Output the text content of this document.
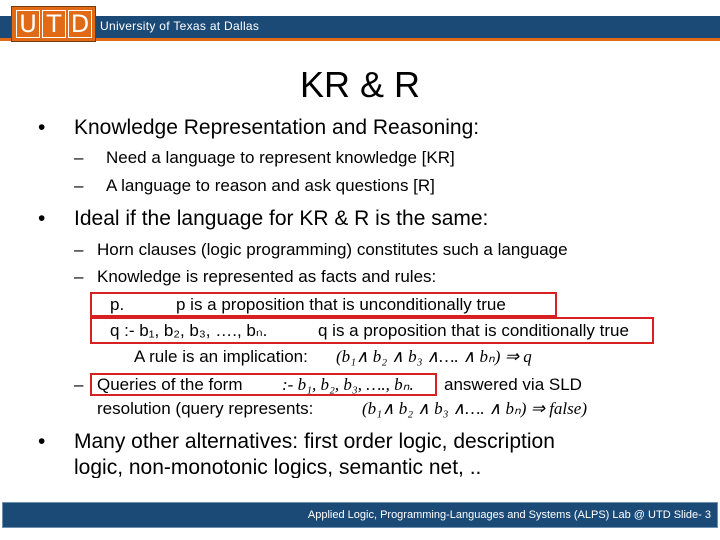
U T D University of Texas at Dallas
KR & R
• Knowledge Representation and Reasoning:
– Need a language to represent knowledge [KR]
– A language to reason and ask questions [R]
• Ideal if the language for KR & R is the same:
– Horn clauses (logic programming) constitutes such a language
– Knowledge is represented as facts and rules:
p.	p is a proposition that is unconditionally true
q :- b₁, b₂, b₃, …., bₙ.	q is a proposition that is conditionally true
A rule is an implication: (b₁∧ b₂ ∧ b₃ ∧…. ∧ bₙ) ⇒ q
– Queries of the form :- b₁, b₂, b₃, …., bₙ. answered via SLD
resolution (query represents:	(b₁∧ b₂ ∧ b₃ ∧…. ∧ bₙ) ⇒ false)
• Many other alternatives: first order logic, description
logic, non-monotonic logics, semantic net, ..
Applied Logic, Programming-Languages and Systems (ALPS) Lab @ UTD Slide- 3
